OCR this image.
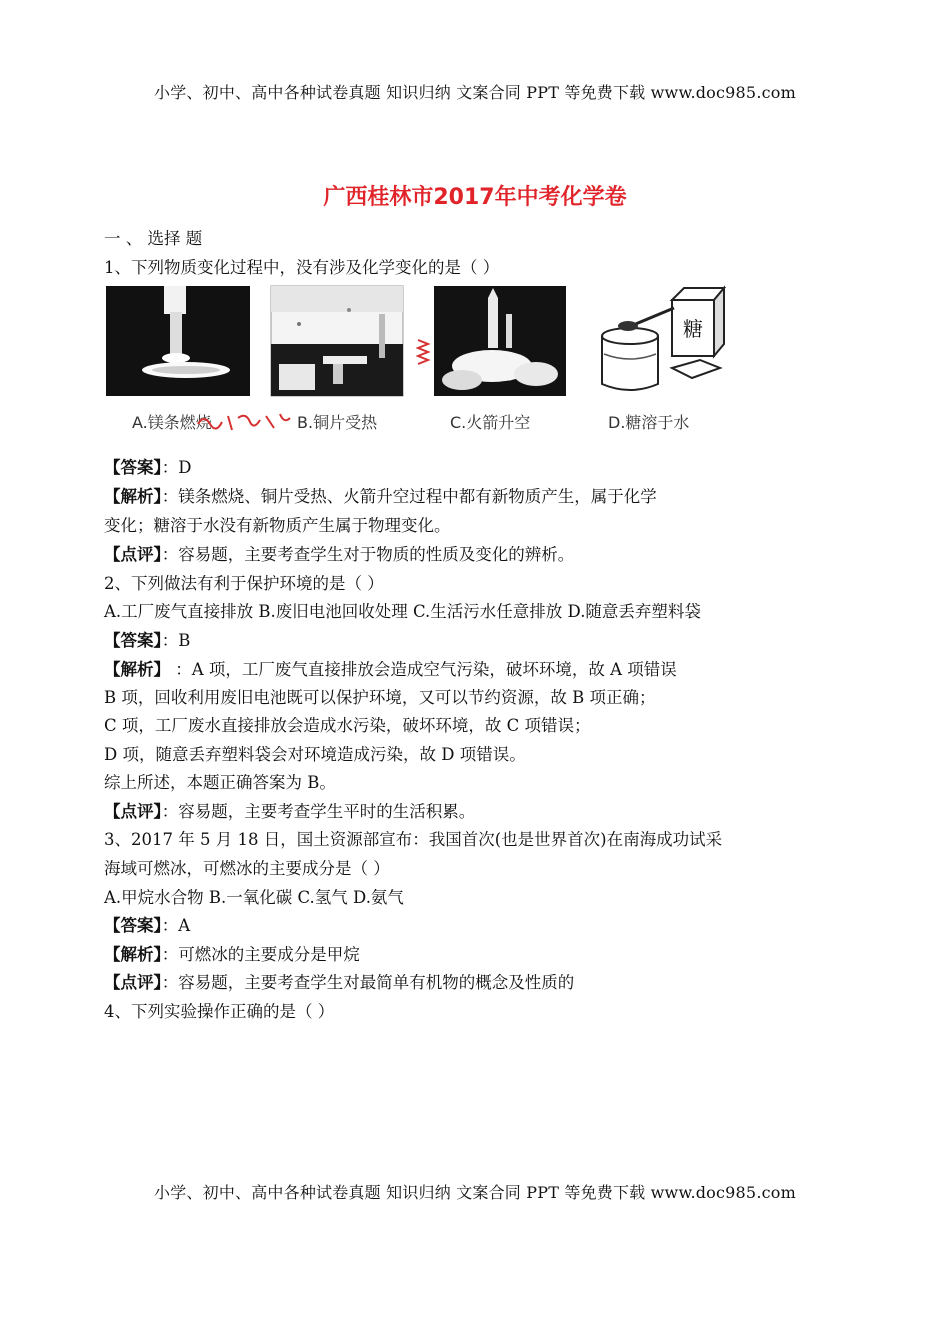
小学、初中、高中各种试卷真题 知识归纳 文案合同 PPT 等免费下载 www.doc985.com
广西桂林市2017年中考化学卷
一 、 选择 题
1、下列物质变化过程中，没有涉及化学变化的是（ ）
A.镁条燃烧	B.铜片受热	C.火箭升空
糖
D.糖溶于水
【答案】：D
【解析】：镁条燃烧、铜片受热、火箭升空过程中都有新物质产生，属于化学
变化；糖溶于水没有新物质产生属于物理变化。
【点评】：容易题，主要考查学生对于物质的性质及变化的辨析。
2、下列做法有利于保护环境的是（ ）
A.工厂废气直接排放 B.废旧电池回收处理 C.生活污水任意排放 D.随意丢弃塑料袋
【答案】：B
【解析】 ：A 项，工厂废气直接排放会造成空气污染，破坏环境，故 A 项错误
B 项，回收利用废旧电池既可以保护环境，又可以节约资源，故 B 项正确；
C 项，工厂废水直接排放会造成水污染，破坏环境，故 C 项错误；
D 项，随意丢弃塑料袋会对环境造成污染，故 D 项错误。
综上所述，本题正确答案为 B。
【点评】：容易题，主要考查学生平时的生活积累。
3、2017 年 5 月 18 日，国土资源部宣布：我国首次(也是世界首次)在南海成功试采
海域可燃冰，可燃冰的主要成分是（ ）
A.甲烷水合物 B.一氧化碳 C.氢气 D.氨气
【答案】：A
【解析】：可燃冰的主要成分是甲烷
【点评】：容易题，主要考查学生对最简单有机物的概念及性质的
4、下列实验操作正确的是（ ）
小学、初中、高中各种试卷真题 知识归纳 文案合同 PPT 等免费下载 www.doc985.com
